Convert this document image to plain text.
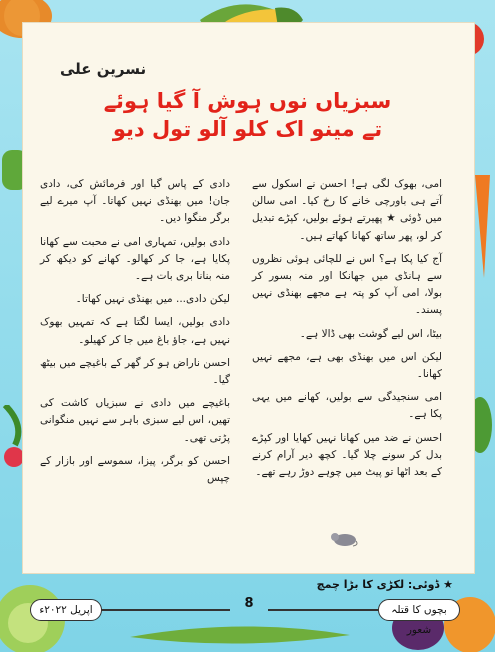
نسرین علی
سبزیاں نوں ہوش آ گیا ہوئے
تے مینو اک کلو آلو تول دیو

امی، بھوک لگی ہے! احسن نے اسکول سے آتے ہی باورچی خانے کا رخ کیا۔ امی سالن میں ڈوئی ★ پھیرتے ہوئے بولیں، کپڑے تبدیل کر لو، پھر ساتھ کھانا کھاتے ہیں۔

آج کیا پکا ہے؟ اس نے للچائی ہوئی نظروں سے ہانڈی میں جھانکا اور منہ بسور کر بولا، امی آپ کو پتہ ہے مجھے بھنڈی نہیں پسند۔

بیٹا، اس لیے گوشت بھی ڈالا ہے۔

لیکن اس میں بھنڈی بھی ہے، مجھے نہیں کھانا۔

امی سنجیدگی سے بولیں، کھانے میں یہی پکا ہے۔

احسن نے ضد میں کھانا نہیں کھایا اور کپڑے بدل کر سونے چلا گیا۔ کچھ دیر آرام کرنے کے بعد اٹھا تو پیٹ میں چوہے دوڑ رہے تھے۔

دادی کے پاس گیا اور فرمائش کی، دادی جان! میں بھنڈی نہیں کھاتا۔ آپ میرے لیے برگر منگوا دیں۔

دادی بولیں، تمہاری امی نے محبت سے کھانا پکایا ہے، جا کر کھالو۔ کھانے کو دیکھ کر منہ بنانا بری بات ہے۔

لیکن دادی... میں بھنڈی نہیں کھاتا۔

دادی بولیں، ایسا لگتا ہے کہ تمہیں بھوک نہیں ہے، جاؤ باغ میں جا کر کھیلو۔

احسن ناراض ہو کر گھر کے باغیچے میں بیٹھ گیا۔

باغیچے میں دادی نے سبزیاں کاشت کی تھیں، اس لیے سبزی باہر سے نہیں منگوانی پڑتی تھی۔

احسن کو برگر، پیزا، سموسے اور بازار کے چپس

★ ڈوئی: لکڑی کا بڑا چمچ
اپریل ۲۰۲۲ء	8	بچوں کا قتلہ شعور
